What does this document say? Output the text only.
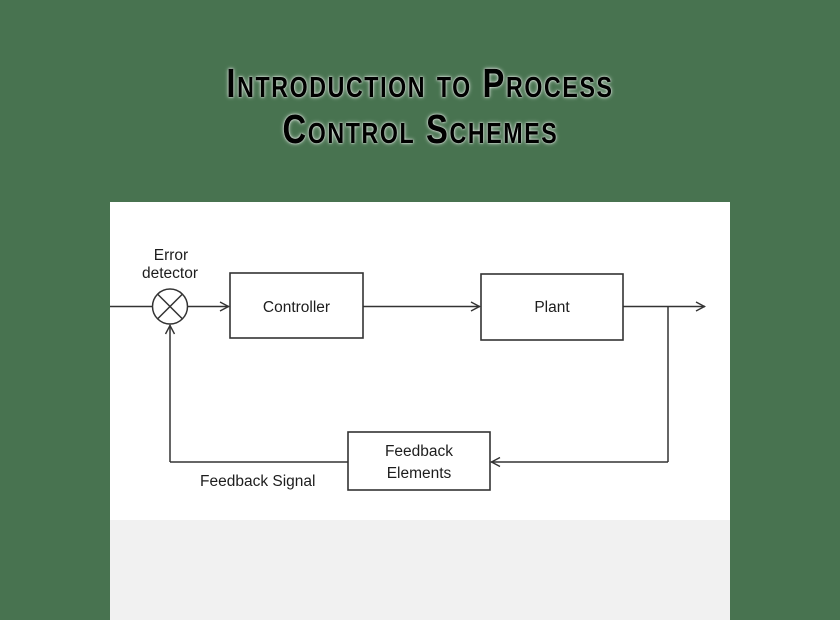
Introduction to Process
Control Schemes
Error
detector
Controller	Plant
Feedback
Elements
Feedback Signal
